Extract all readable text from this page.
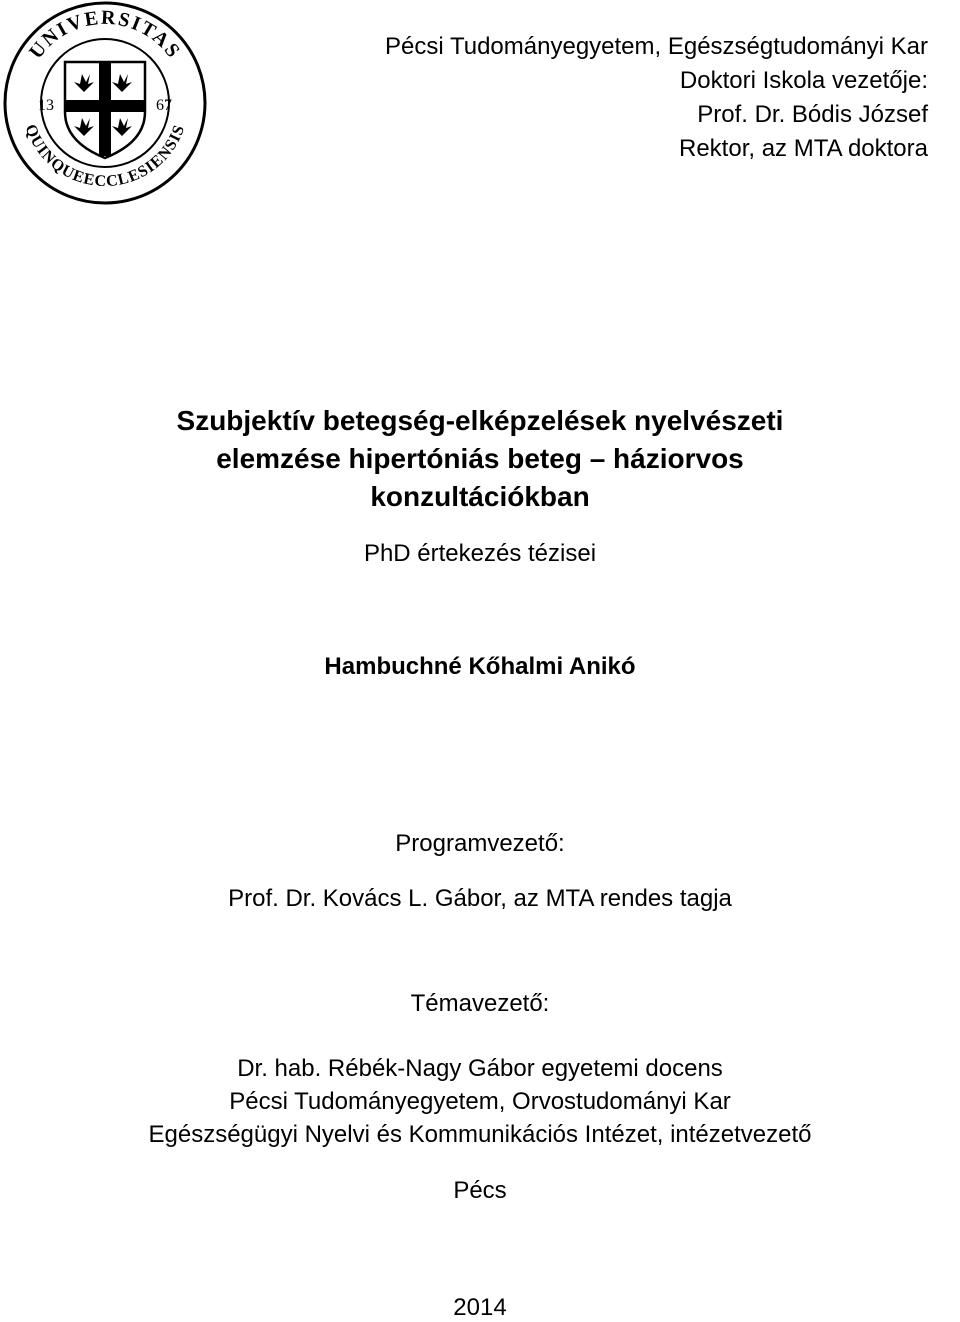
UNIVERSITAS
QUINQUEECCLESIENSIS
13	67
Pécsi Tudományegyetem, Egészségtudományi Kar
Doktori Iskola vezetője:
Prof. Dr. Bódis József
Rektor, az MTA doktora
Szubjektív betegség-elképzelések nyelvészeti
elemzése hipertóniás beteg – háziorvos
konzultációkban
PhD értekezés tézisei
Hambuchné Kőhalmi Anikó
Programvezető:
Prof. Dr. Kovács L. Gábor, az MTA rendes tagja
Témavezető:
Dr. hab. Rébék-Nagy Gábor egyetemi docens
Pécsi Tudományegyetem, Orvostudományi Kar
Egészségügyi Nyelvi és Kommunikációs Intézet, intézetvezető
Pécs
2014
